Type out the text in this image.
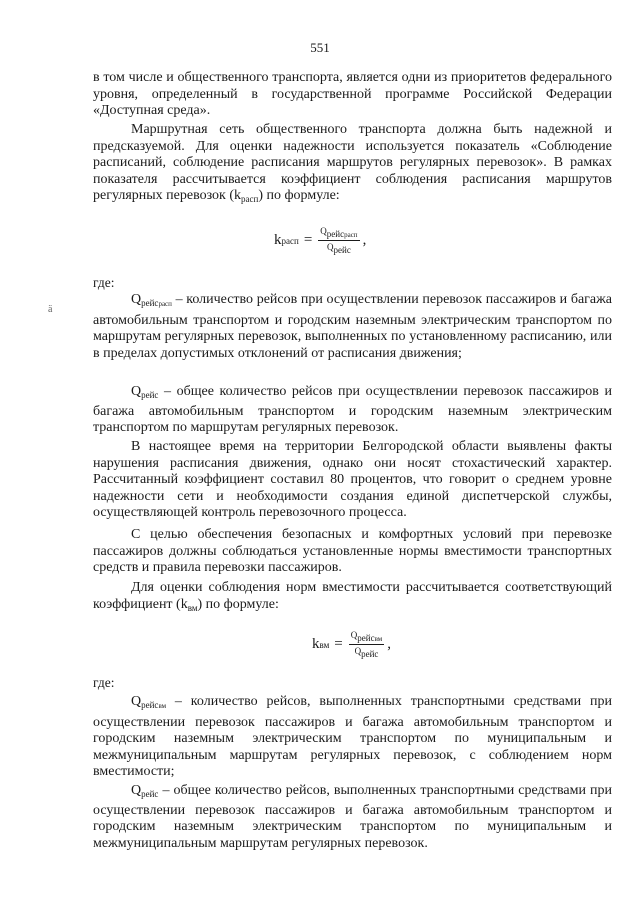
551

в том числе и общественного транспорта, является одни из приоритетов федерального уровня, определенный в государственной программе Российской Федерации «Доступная среда».

Маршрутная сеть общественного транспорта должна быть надежной и предсказуемой. Для оценки надежности используется показатель «Соблюдение расписаний, соблюдение расписания маршрутов регулярных перевозок». В рамках показателя рассчитывается коэффициент соблюдения расписания маршрутов регулярных перевозок $(k_{расп})$ по формуле:

k расп = $\frac{Q_{рейсрасп}}{Q_{рейс}}$ ,
ä

где:

$Q_{рейсрасп}$ – количество рейсов при осуществлении перевозок пассажиров и багажа автомобильным транспортом и городским наземным электрическим транспортом по маршрутам регулярных перевозок, выполненных по установленному расписанию, или в пределах допустимых отклонений от расписания движения;

$Q_{рейс}$ – общее количество рейсов при осуществлении перевозок пассажиров и багажа автомобильным транспортом и городским наземным электрическим транспортом по маршрутам регулярных перевозок.

В настоящее время на территории Белгородской области выявлены факты нарушения расписания движения, однако они носят стохастический характер. Рассчитанный коэффициент составил 80 процентов, что говорит о среднем уровне надежности сети и необходимости создания единой диспетчерской службы, осуществляющей контроль перевозочного процесса.

С целью обеспечения безопасных и комфортных условий при перевозке пассажиров должны соблюдаться установленные нормы вместимости транспортных средств и правила перевозки пассажиров.

Для оценки соблюдения норм вместимости рассчитывается соответствующий коэффициент $(k_{вм})$ по формуле:

k вм = $\frac{Q_{рейсвм}}{Q_{рейс}}$ ,

где:

$Q_{рейсвм}$ – количество рейсов, выполненных транспортными средствами при осуществлении перевозок пассажиров и багажа автомобильным транспортом и городским наземным электрическим транспортом по муниципальным и межмуниципальным маршрутам регулярных перевозок, с соблюдением норм вместимости;

$Q_{рейс}$ – общее количество рейсов, выполненных транспортными средствами при осуществлении перевозок пассажиров и багажа автомобильным транспортом и городским наземным электрическим транспортом по муниципальным и межмуниципальным маршрутам регулярных перевозок.
